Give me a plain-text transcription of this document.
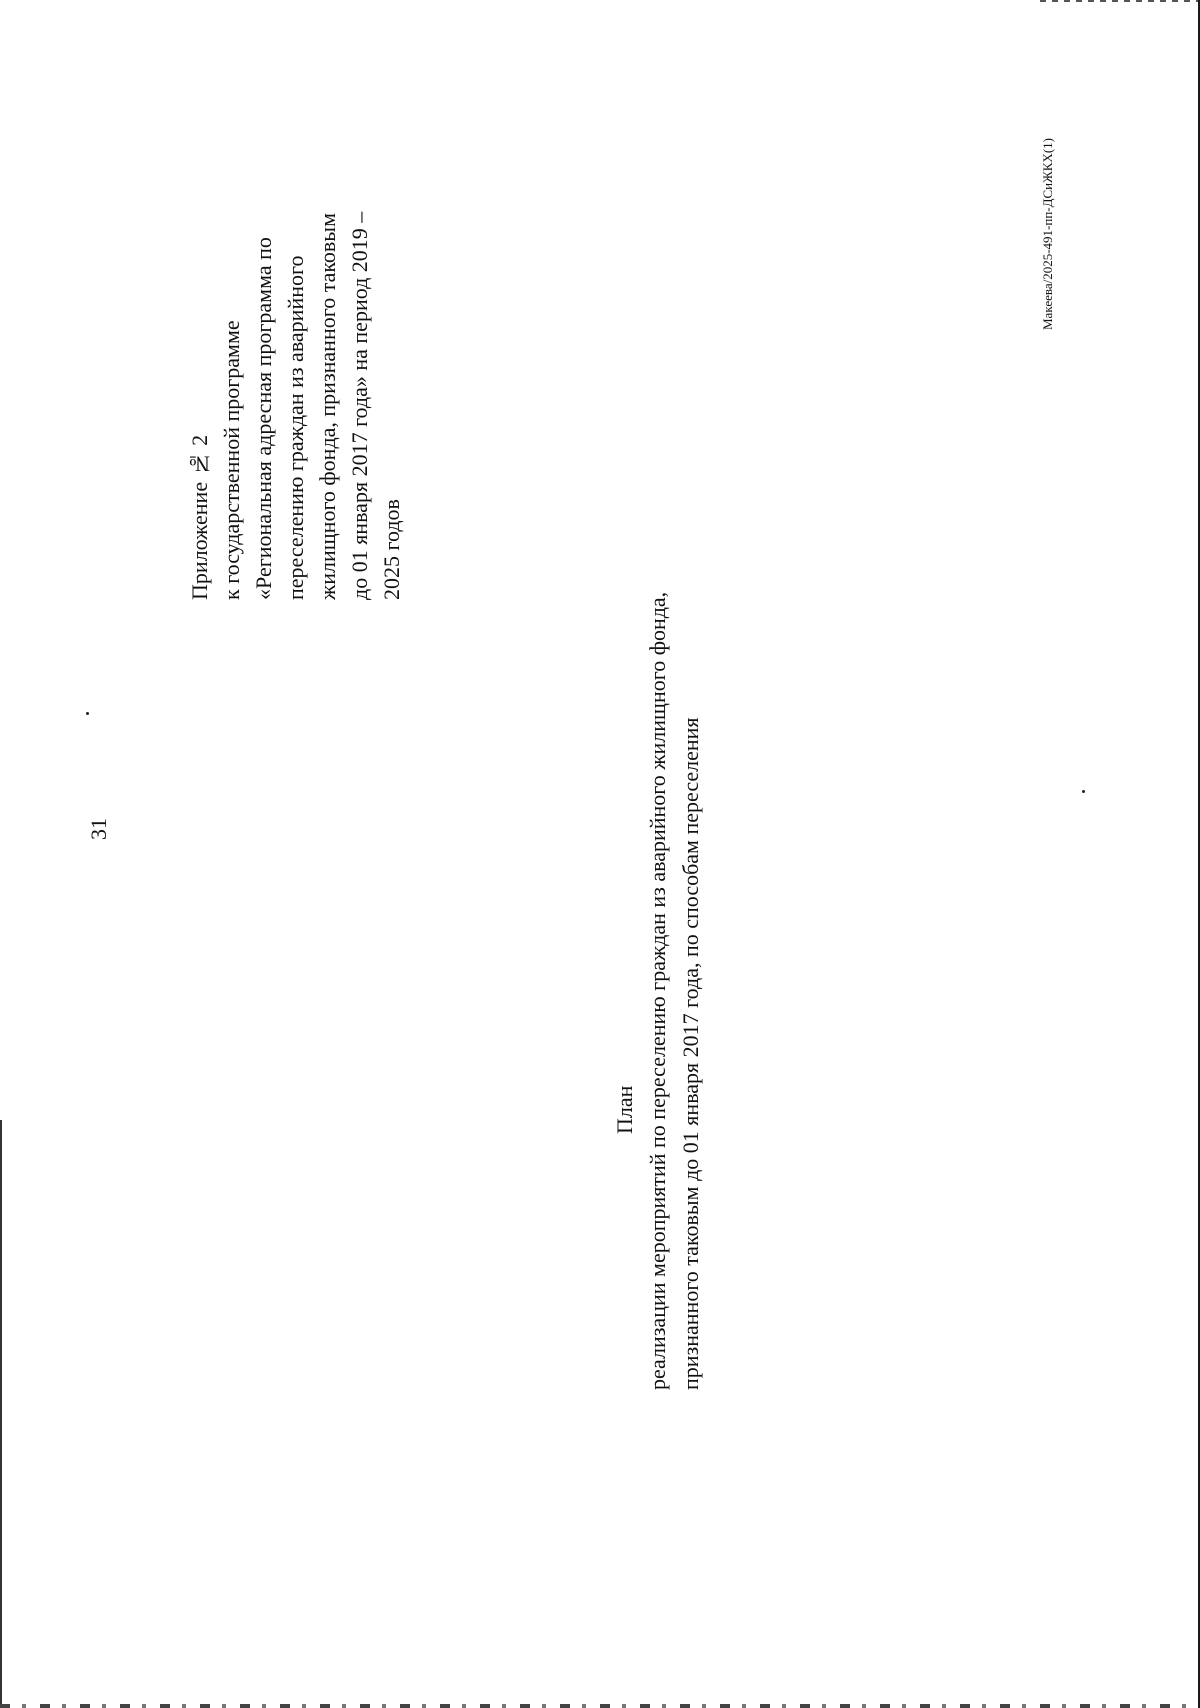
31
Приложение № 2 к государственной программе «Региональная адресная программа по переселению граждан из аварийного жилищного фонда, признанного таковым до 01 января 2017 года» на период 2019 – 2025 годов
План реализации мероприятий по переселению граждан из аварийного жилищного фонда, признанного таковым до 01 января 2017 года, по способам переселения
Макеева/2025-491-пп-ДСиЖКХ(1)
